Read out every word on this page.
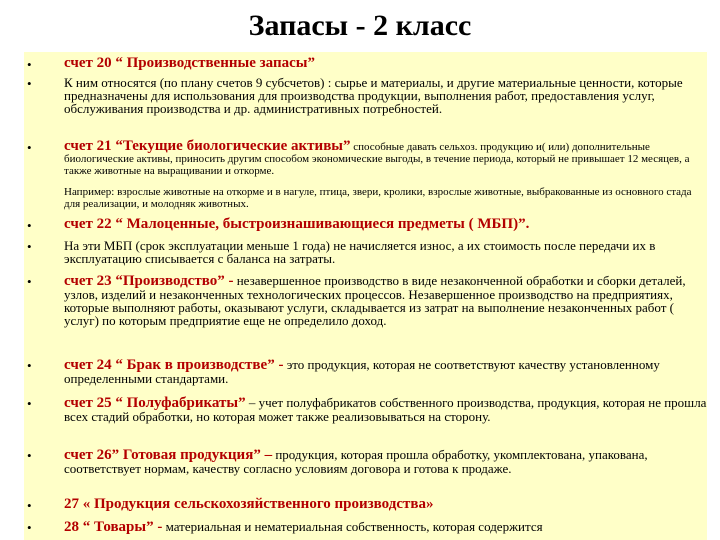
Запасы - 2 класс
•	счет 20 “ Производственные запасы”
•	К ним относятся (по плану счетов 9 субсчетов) : сырье и материалы, и другие материальные ценности, которые предназначены для использования для производства продукции, выполнения работ, предоставления услуг, обслуживания производства и др. административных потребностей.
•	счет 21 “Текущие биологические активы” способные давать сельхоз. продукцию и( или) дополнительные биологические активы, приносить другим способом экономические выгоды, в течение периода, который не привышает 12 месяцев, а также животные на выращивании и откорме.
Например: взрослые животные на откорме и в нагуле, птица, звери, кролики, взрослые животные, выбракованные из основного стада для реализации, и молодняк животных.
•	счет 22 “ Малоценные, быстроизнашивающиеся предметы ( МБП)”.
•	На эти МБП (срок эксплуатации меньше 1 года) не начисляется износ, а их стоимость после передачи их в эксплуатацию списывается с баланса на затраты.
•	счет 23 “Производство” - незавершенное производство в виде незаконченной обработки и сборки деталей, узлов, изделий и незаконченных технологических процессов. Незавершенное производство на предприятиях, которые выполняют работы, оказывают услуги, складывается из затрат на выполнение незаконченных работ ( услуг) по которым предприятие еще не определило доход.
•	счет 24 “ Брак в производстве” - это продукция, которая не соответствуют качеству установленному определенными стандартами.
•	счет 25 “ Полуфабрикаты” – учет полуфабрикатов собственного производства, продукция, которая не прошла всех стадий обработки, но которая может также реализовываться на сторону.
•	счет 26” Готовая продукция” – продукция, которая прошла обработку, укомплектована, упакована, соответствует нормам, качеству согласно условиям договора и готова к продаже.
•	27 « Продукция сельскохозяйственного производства»
•	28 “ Товары” - материальная и нематериальная собственность, которая содержится
